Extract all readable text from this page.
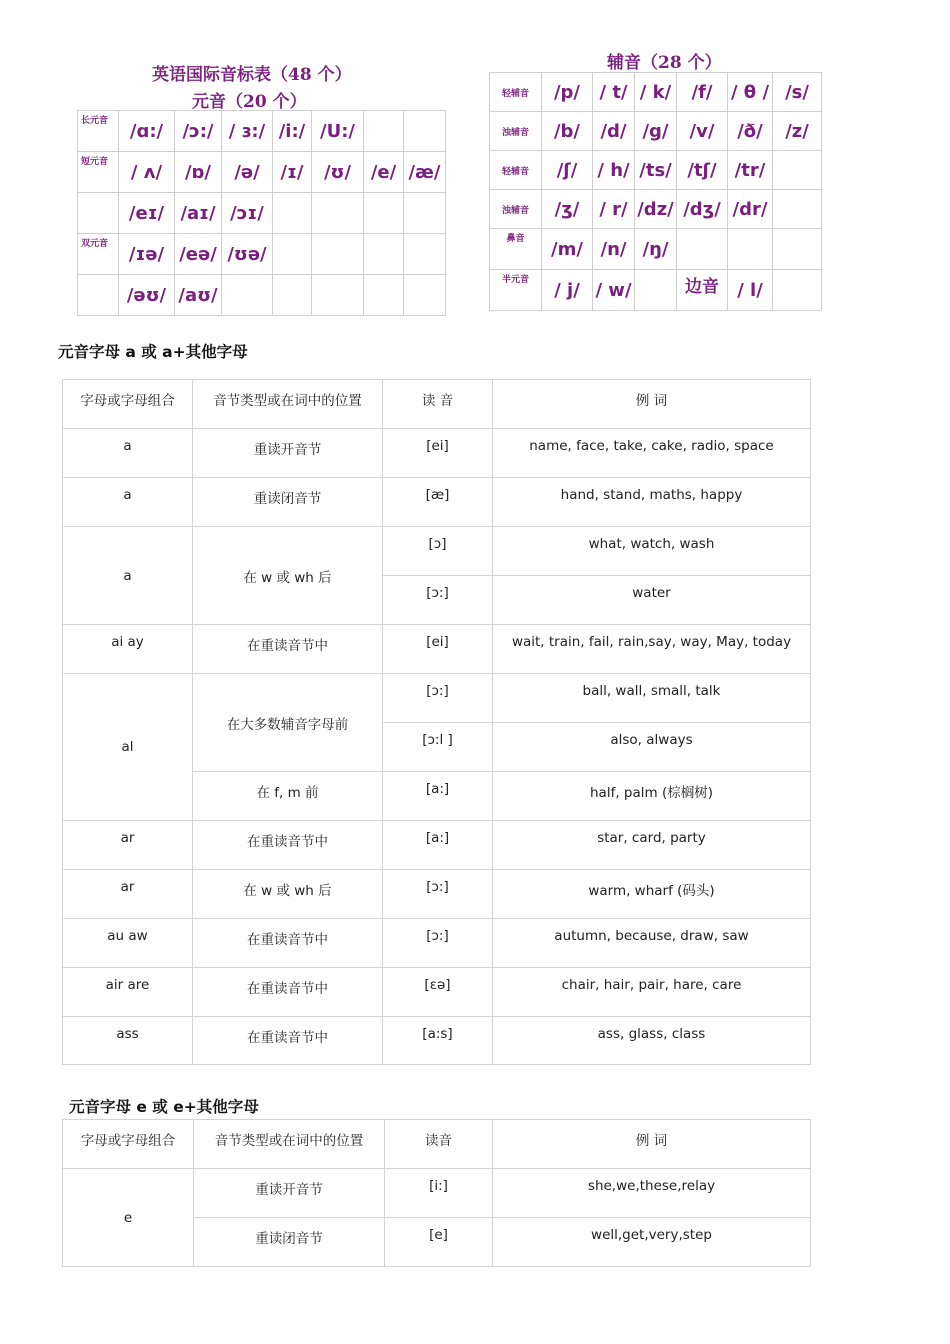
英语国际音标表（48 个）
元音（20 个）
长元音	/ɑ:/	/ɔ:/	/ ɜ:/	/i:/	/U:/		
短元音	/ ʌ/	/ɒ/	/ə/	/ɪ/	/ʊ/	/e/	/æ/
	/eɪ/	/aɪ/	/ɔɪ/				
双元音	/ɪə/	/eə/	/ʊə/				
	/əʊ/	/aʊ/					
辅音（28 个）
轻辅音	/p/	/ t/	/ k/	/f/	/ θ /	/s/
浊辅音	/b/	/d/	/g/	/v/	/ð/	/z/
轻辅音	/ʃ/	/ h/	/ts/	/tʃ/	/tr/	
浊辅音	/ʒ/	/ r/	/dz/	/dʒ/	/dr/	
鼻音	/m/	/n/	/ŋ/			
半元音	/ j/	/ w/		边音	/ l/	
元音字母 a 或 a+其他字母
字母或字母组合	音节类型或在词中的位置	读 音	例 词
a	重读开音节	[ei]	name, face, take, cake, radio, space
a	重读闭音节	[æ]	hand, stand, maths, happy
a	在 w 或 wh 后	[ɔ]	what, watch, wash
		[ɔ:]	water
ai ay	在重读音节中	[ei]	wait, train, fail, rain,say, way, May, today
al	在大多数辅音字母前	[ɔ:]	ball, wall, small, talk
		[ɔ:l ]	also, always
	在 f, m 前	[a:]	half, palm (棕榈树)
ar	在重读音节中	[a:]	star, card, party
ar	在 w 或 wh 后	[ɔ:]	warm, wharf (码头)
au aw	在重读音节中	[ɔ:]	autumn, because, draw, saw
air are	在重读音节中	[ɛə]	chair, hair, pair, hare, care
ass	在重读音节中	[a:s]	ass, glass, class
元音字母 e 或 e+其他字母
字母或字母组合	音节类型或在词中的位置	读音	例 词
e	重读开音节	[i:]	she,we,these,relay
	重读闭音节	[e]	well,get,very,step
